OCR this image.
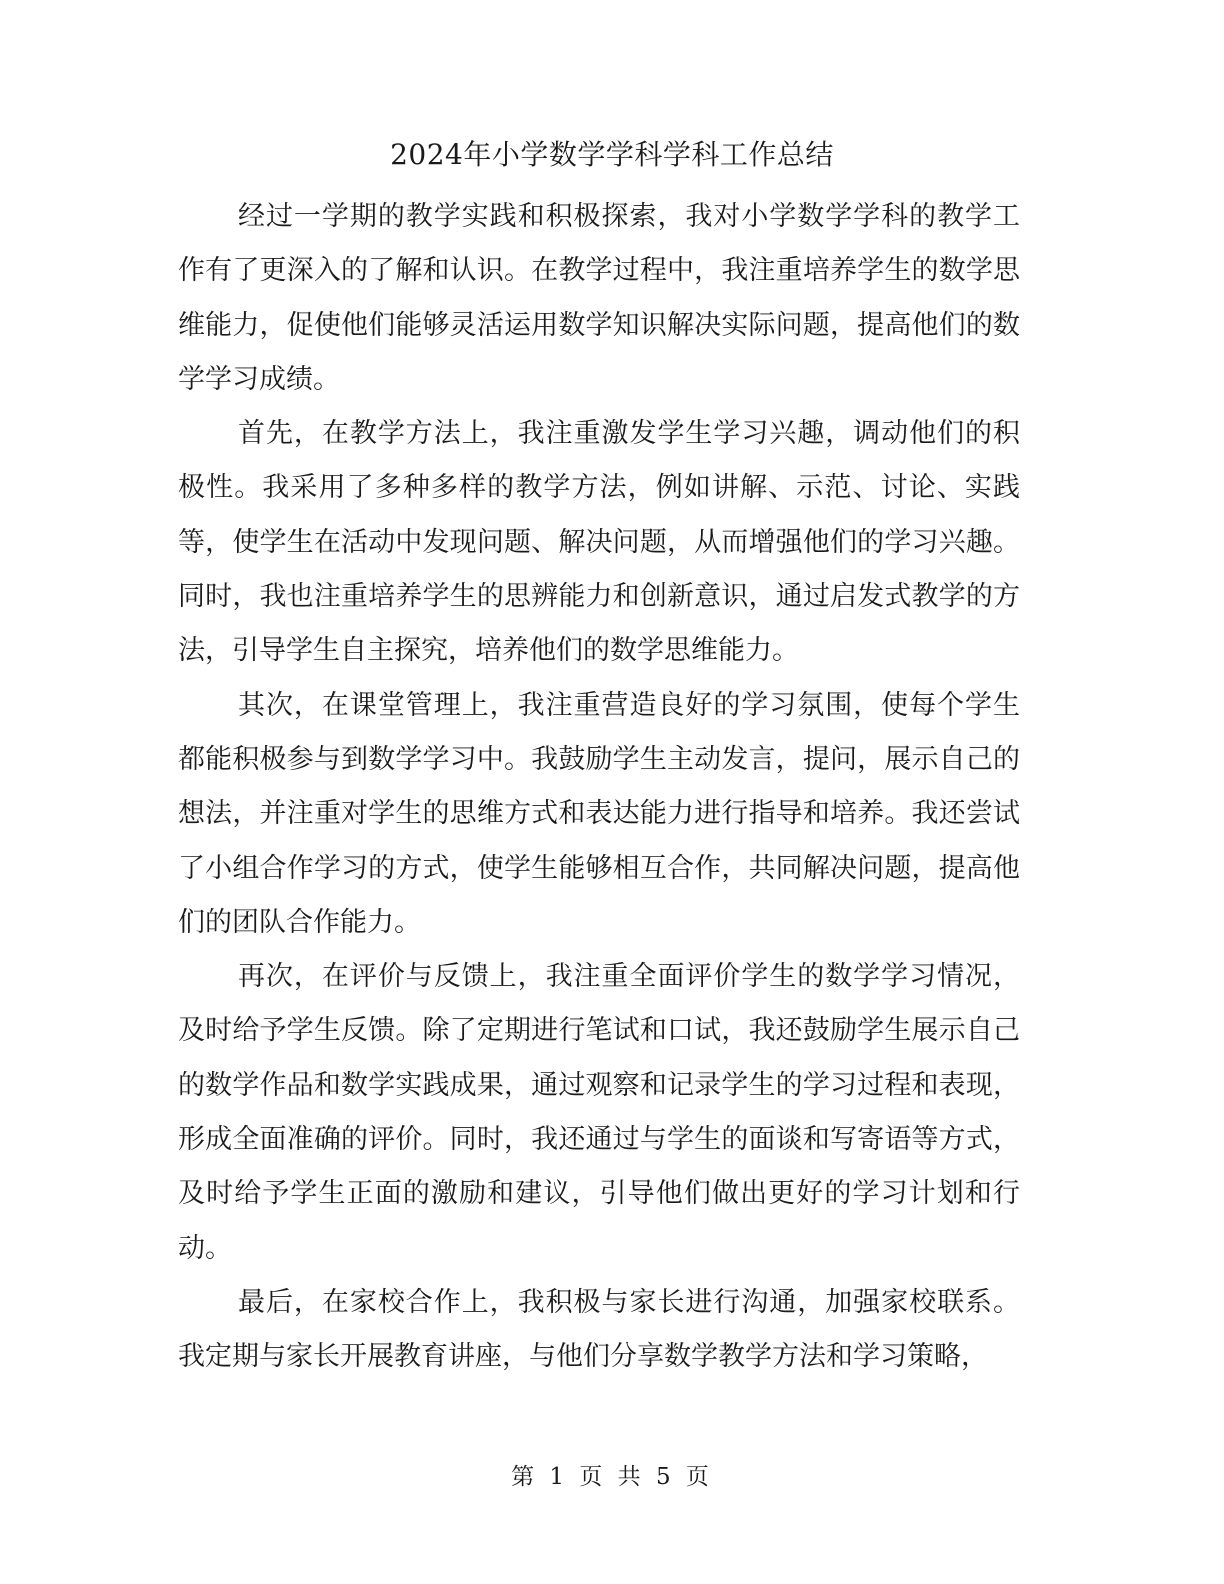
2024年小学数学学科学科工作总结

经过一学期的教学实践和积极探索，我对小学数学学科的教学工作有了更深入的了解和认识。在教学过程中，我注重培养学生的数学思维能力，促使他们能够灵活运用数学知识解决实际问题，提高他们的数学学习成绩。

首先，在教学方法上，我注重激发学生学习兴趣，调动他们的积极性。我采用了多种多样的教学方法，例如讲解、示范、讨论、实践等，使学生在活动中发现问题、解决问题，从而增强他们的学习兴趣。同时，我也注重培养学生的思辨能力和创新意识，通过启发式教学的方法，引导学生自主探究，培养他们的数学思维能力。

其次，在课堂管理上，我注重营造良好的学习氛围，使每个学生都能积极参与到数学学习中。我鼓励学生主动发言，提问，展示自己的想法，并注重对学生的思维方式和表达能力进行指导和培养。我还尝试了小组合作学习的方式，使学生能够相互合作，共同解决问题，提高他们的团队合作能力。

再次，在评价与反馈上，我注重全面评价学生的数学学习情况，及时给予学生反馈。除了定期进行笔试和口试，我还鼓励学生展示自己的数学作品和数学实践成果，通过观察和记录学生的学习过程和表现，形成全面准确的评价。同时，我还通过与学生的面谈和写寄语等方式，及时给予学生正面的激励和建议，引导他们做出更好的学习计划和行动。

最后，在家校合作上，我积极与家长进行沟通，加强家校联系。我定期与家长开展教育讲座，与他们分享数学教学方法和学习策略，

第 1 页 共 5 页
